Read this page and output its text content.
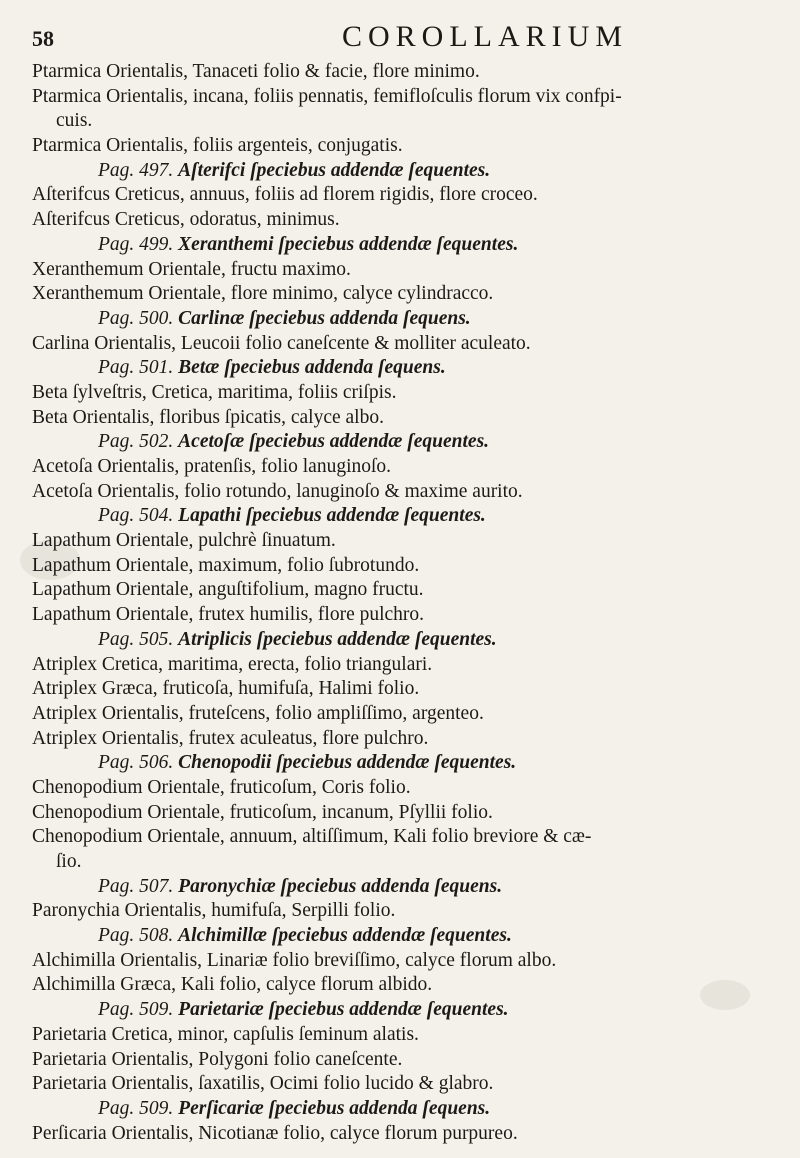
58	COROLLARIUM
Ptarmica Orientalis, Tanaceti folio & facie, flore minimo.
Ptarmica Orientalis, incana, foliis pennatis, femifloſculis florum vix confpi-
cuis.
Ptarmica Orientalis, foliis argenteis, conjugatis.
Pag. 497. Aſterifci ſpeciebus addendæ ſequentes.
Aſterifcus Creticus, annuus, foliis ad florem rigidis, flore croceo.
Aſterifcus Creticus, odoratus, minimus.
Pag. 499. Xeranthemi ſpeciebus addendæ ſequentes.
Xeranthemum Orientale, fructu maximo.
Xeranthemum Orientale, flore minimo, calyce cylindracco.
Pag. 500. Carlinæ ſpeciebus addenda ſequens.
Carlina Orientalis, Leucoii folio caneſcente & molliter aculeato.
Pag. 501. Betæ ſpeciebus addenda ſequens.
Beta ſylveſtris, Cretica, maritima, foliis criſpis.
Beta Orientalis, floribus ſpicatis, calyce albo.
Pag. 502. Acetoſæ ſpeciebus addendæ ſequentes.
Acetoſa Orientalis, pratenſis, folio lanuginoſo.
Acetoſa Orientalis, folio rotundo, lanuginoſo & maxime aurito.
Pag. 504. Lapathi ſpeciebus addendæ ſequentes.
Lapathum Orientale, pulchrè ſinuatum.
Lapathum Orientale, maximum, folio ſubrotundo.
Lapathum Orientale, anguſtifolium, magno fructu.
Lapathum Orientale, frutex humilis, flore pulchro.
Pag. 505. Atriplicis ſpeciebus addendæ ſequentes.
Atriplex Cretica, maritima, erecta, folio triangulari.
Atriplex Græca, fruticoſa, humifuſa, Halimi folio.
Atriplex Orientalis, fruteſcens, folio ampliſſimo, argenteo.
Atriplex Orientalis, frutex aculeatus, flore pulchro.
Pag. 506. Chenopodii ſpeciebus addendæ ſequentes.
Chenopodium Orientale, fruticoſum, Coris folio.
Chenopodium Orientale, fruticoſum, incanum, Pſyllii folio.
Chenopodium Orientale, annuum, altiſſimum, Kali folio breviore & cæ-
ſio.
Pag. 507. Paronychiæ ſpeciebus addenda ſequens.
Paronychia Orientalis, humifuſa, Serpilli folio.
Pag. 508. Alchimillæ ſpeciebus addendæ ſequentes.
Alchimilla Orientalis, Linariæ folio breviſſimo, calyce florum albo.
Alchimilla Græca, Kali folio, calyce florum albido.
Pag. 509. Parietariæ ſpeciebus addendæ ſequentes.
Parietaria Cretica, minor, capſulis ſeminum alatis.
Parietaria Orientalis, Polygoni folio caneſcente.
Parietaria Orientalis, ſaxatilis, Ocimi folio lucido & glabro.
Pag. 509. Perſicariæ ſpeciebus addenda ſequens.
Perſicaria Orientalis, Nicotianæ folio, calyce florum purpureo.
